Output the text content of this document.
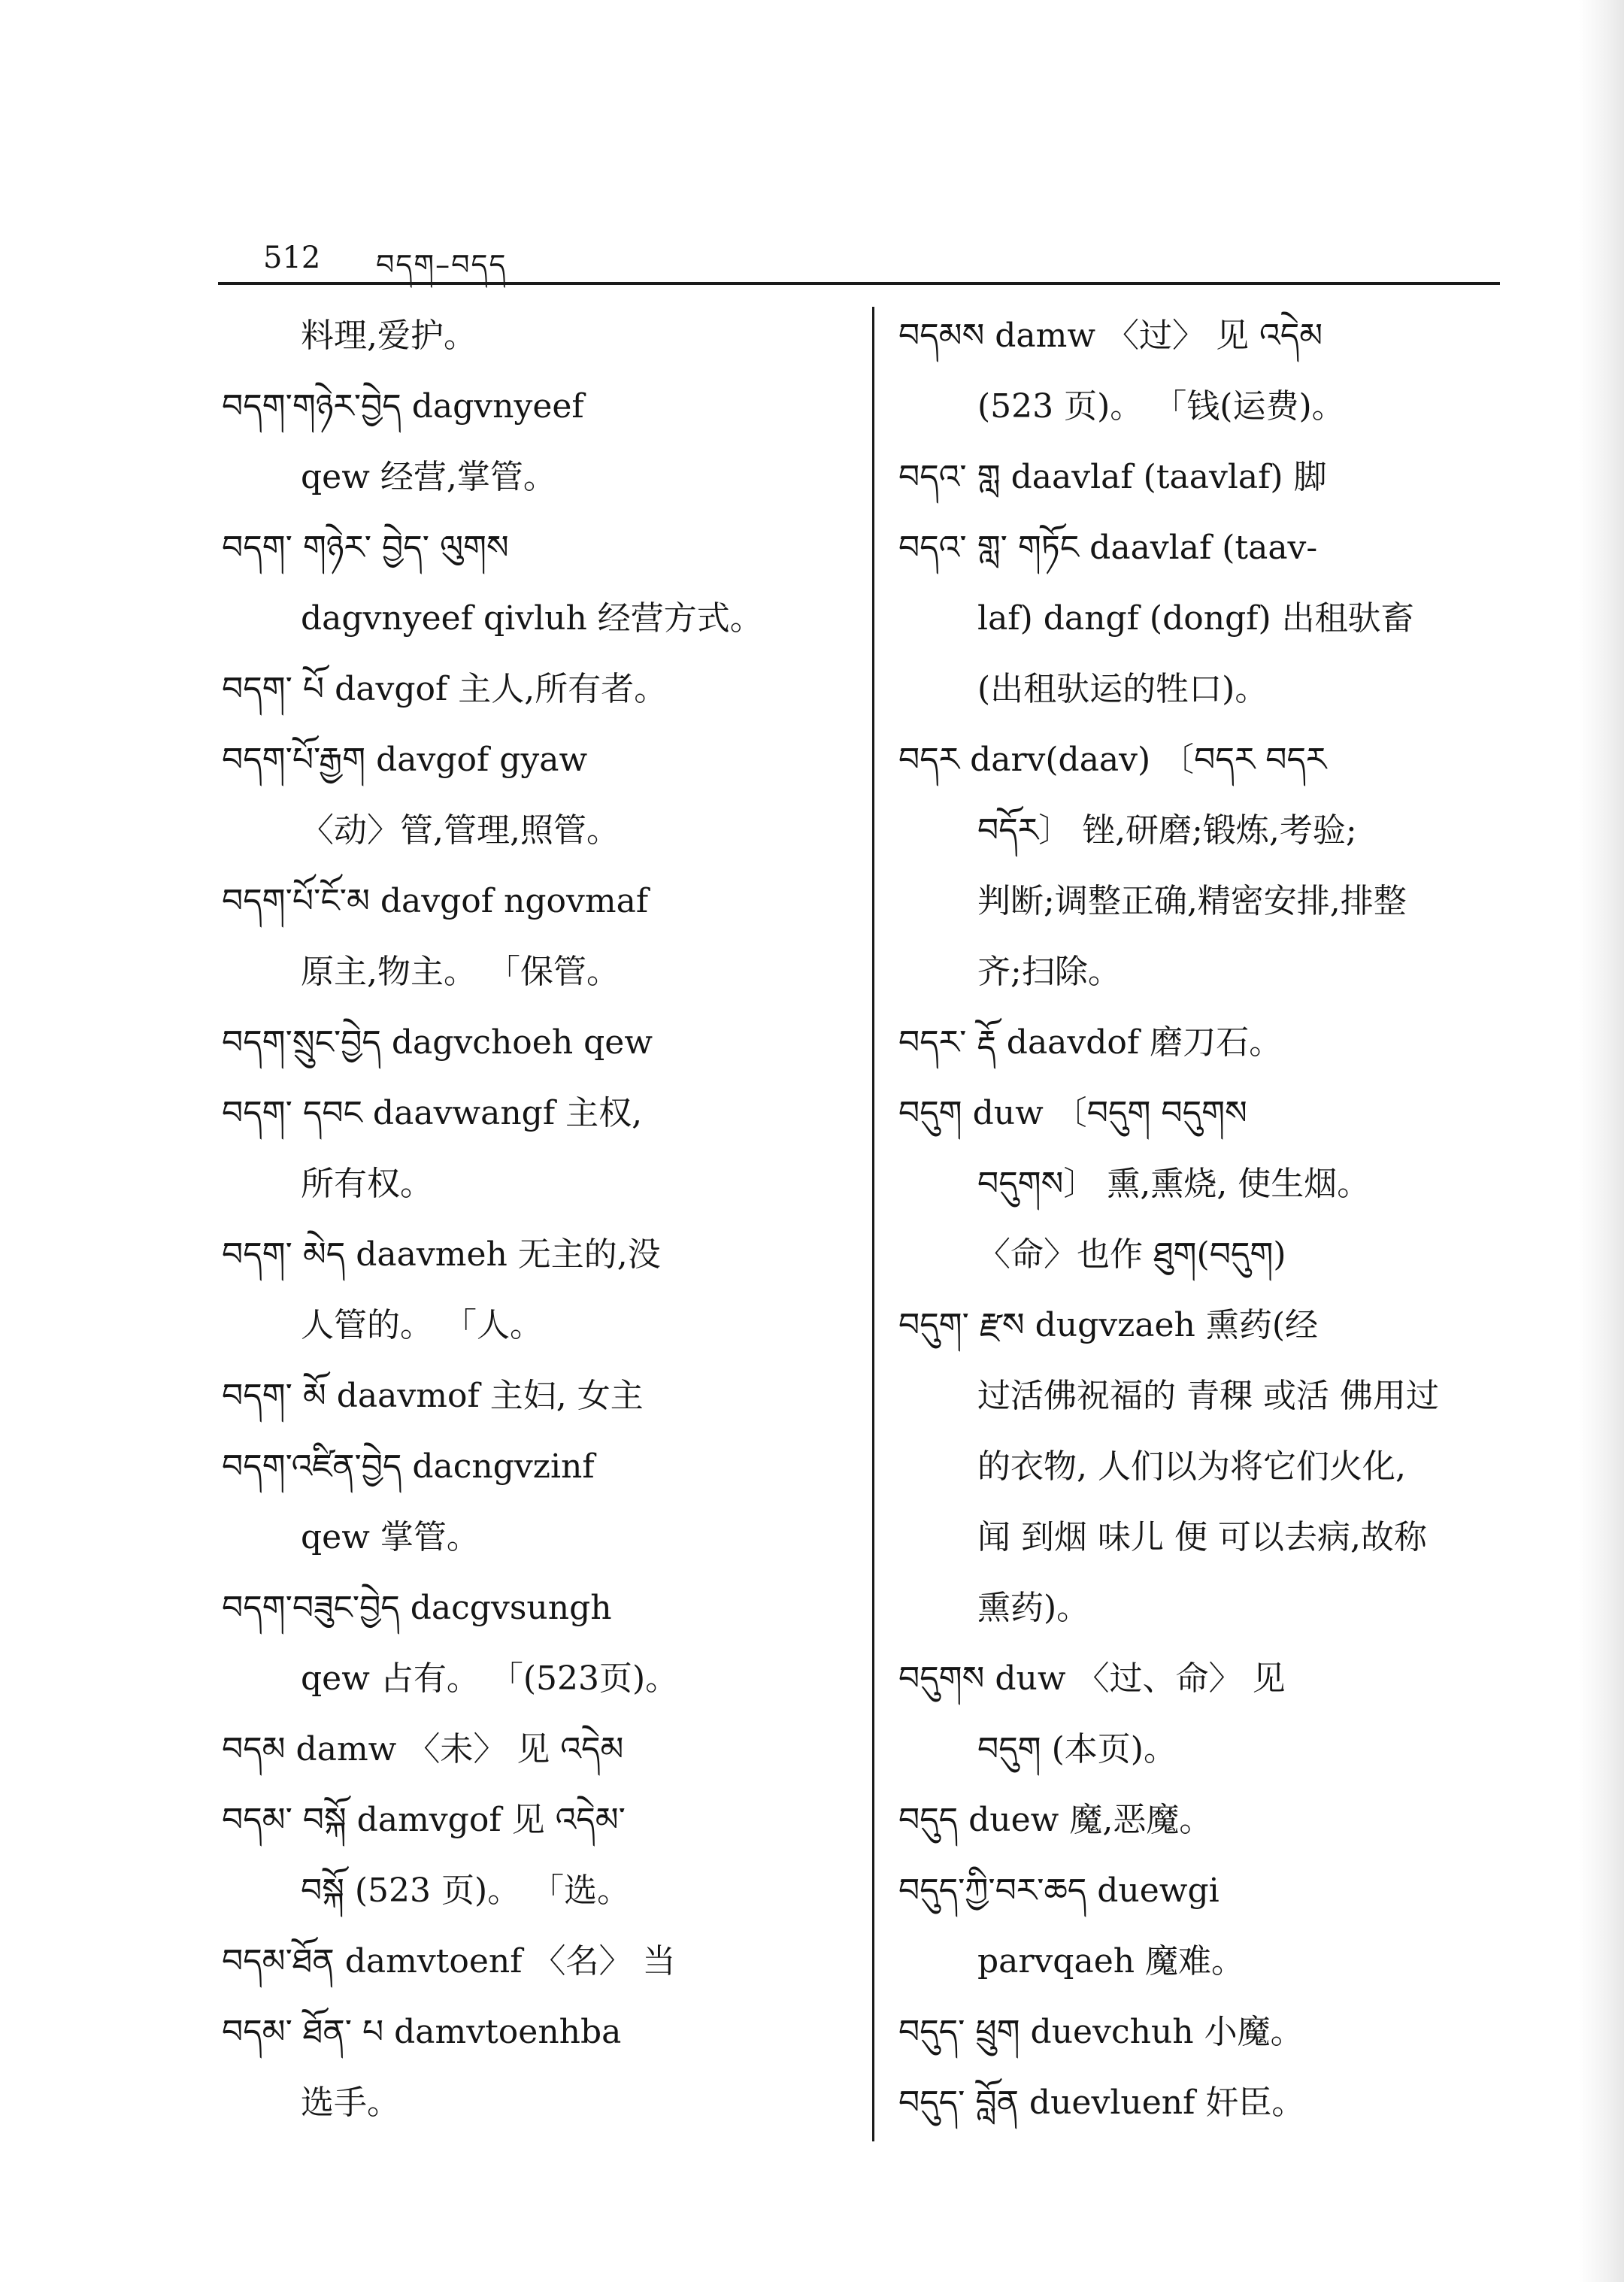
512 བདག–བདད
料理,爱护。
བདག་གཉེར་བྱེད dagvnyeef
qew 经营,掌管。
བདག་ གཉེར་ བྱེད་ ལུགས
dagvnyeef qivluh 经营方式。
བདག་ པོ davgof 主人,所有者。
བདག་པོ་རྒྱག davgof gyaw
〈动〉管,管理,照管。
བདག་པོ་ངོ་མ davgof ngovmaf
原主,物主。 「保管。
བདག་སྲུང་བྱེད dagvchoeh qew
བདག་ དབང daavwangf 主权,
所有权。
བདག་ མེད daavmeh 无主的,没
人管的。 「人。
བདག་ མོ daavmof 主妇, 女主
བདག་འཛིན་བྱེད dacngvzinf
qew 掌管。
བདག་བཟུང་བྱེད dacgvsungh
qew 占有。 「(523页)。
བདམ damw 〈未〉 见 འདེམ
བདམ་ བསྐོ damvgof 见 འདེམ་
བསྐོ (523 页)。 「选。
བདམ་ཐོན damvtoenf 〈名〉 当
བདམ་ ཐོན་ པ damvtoenhba
选手。
བདམས damw 〈过〉 见 འདེམ
(523 页)。 「钱(运费)。
བདའ་ གླ daavlaf (taavlaf) 脚
བདའ་ གླ་ གཏོང daavlaf (taav-
laf) dangf (dongf) 出租驮畜
(出租驮运的牲口)。
བདར darv(daav) 〔བདར བདར
བདོར〕 锉,研磨;锻炼,考验;
判断;调整正确,精密安排,排整
齐;扫除。
བདར་ རྡོ daavdof 磨刀石。
བདུག duw 〔བདུག བདུགས
བདུགས〕 熏,熏烧, 使生烟。
〈命〉也作 ཐུག(བདུག)
བདུག་ རྫས dugvzaeh 熏药(经
过活佛祝福的 青稞 或活 佛用过
的衣物, 人们以为将它们火化,
闻 到烟 味儿 便 可以去病,故称
熏药)。
བདུགས duw 〈过、命〉 见
བདུག (本页)。
བདུད duew 魔,恶魔。
བདུད་ཀྱི་བར་ཆད duewgi
parvqaeh 魔难。
བདུད་ ཕྲུག duevchuh 小魔。
བདུད་ བློན duevluenf 奸臣。
